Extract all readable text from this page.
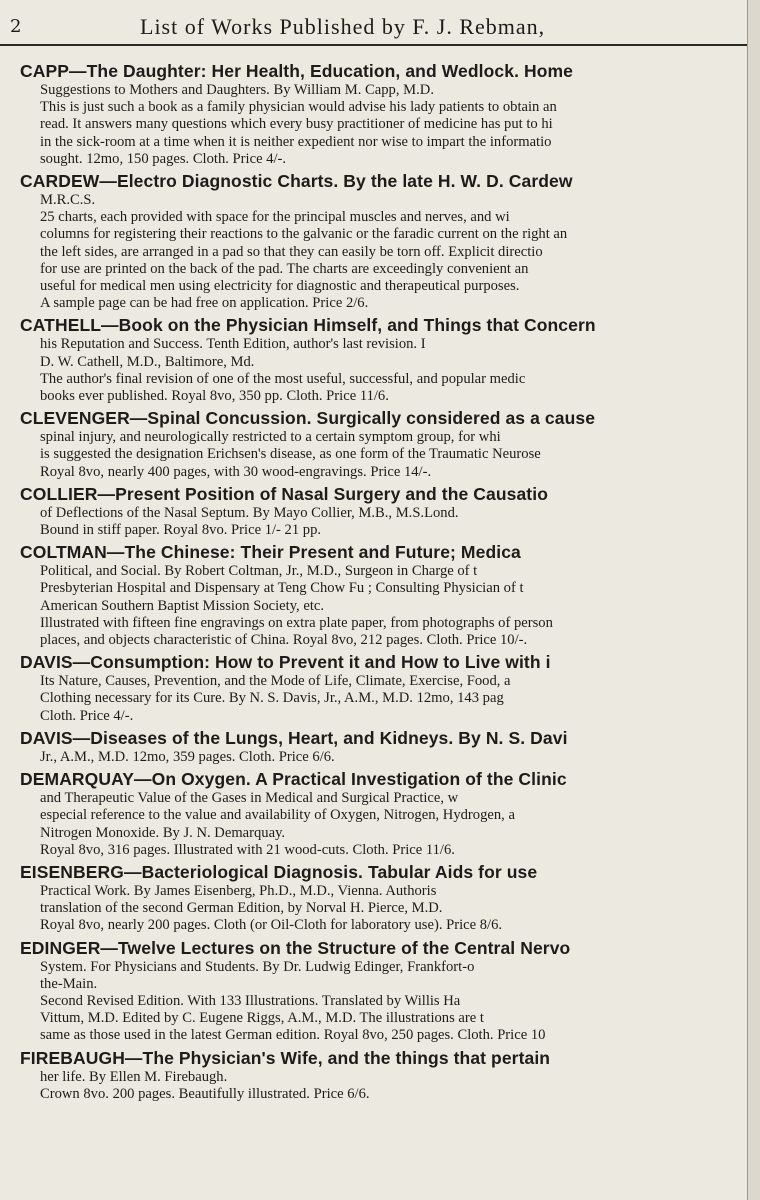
2	List of Works Published by F. J. Rebman,
CAPP—The Daughter: Her Health, Education, and Wedlock. Home
Suggestions to Mothers and Daughters. By William M. Capp, M.D.
This is just such a book as a family physician would advise his lady patients to obtain an
read. It answers many questions which every busy practitioner of medicine has put to hi
in the sick-room at a time when it is neither expedient nor wise to impart the informatio
sought. 12mo, 150 pages. Cloth. Price 4/-.
CARDEW—Electro Diagnostic Charts. By the late H. W. D. Cardew
M.R.C.S.
25 charts, each provided with space for the principal muscles and nerves, and wi
columns for registering their reactions to the galvanic or the faradic current on the right an
the left sides, are arranged in a pad so that they can easily be torn off. Explicit directio
for use are printed on the back of the pad. The charts are exceedingly convenient an
useful for medical men using electricity for diagnostic and therapeutical purposes.
A sample page can be had free on application. Price 2/6.
CATHELL—Book on the Physician Himself, and Things that Concern
his Reputation and Success. Tenth Edition, author's last revision. I
D. W. Cathell, M.D., Baltimore, Md.
The author's final revision of one of the most useful, successful, and popular medic
books ever published. Royal 8vo, 350 pp. Cloth. Price 11/6.
CLEVENGER—Spinal Concussion. Surgically considered as a cause
spinal injury, and neurologically restricted to a certain symptom group, for whi
is suggested the designation Erichsen's disease, as one form of the Traumatic Neurose
Royal 8vo, nearly 400 pages, with 30 wood-engravings. Price 14/-.
COLLIER—Present Position of Nasal Surgery and the Causatio
of Deflections of the Nasal Septum. By Mayo Collier, M.B., M.S.Lond.
Bound in stiff paper. Royal 8vo. Price 1/- 21 pp.
COLTMAN—The Chinese: Their Present and Future; Medica
Political, and Social. By Robert Coltman, Jr., M.D., Surgeon in Charge of t
Presbyterian Hospital and Dispensary at Teng Chow Fu ; Consulting Physician of t
American Southern Baptist Mission Society, etc.
Illustrated with fifteen fine engravings on extra plate paper, from photographs of person
places, and objects characteristic of China. Royal 8vo, 212 pages. Cloth. Price 10/-.
DAVIS—Consumption: How to Prevent it and How to Live with i
Its Nature, Causes, Prevention, and the Mode of Life, Climate, Exercise, Food, a
Clothing necessary for its Cure. By N. S. Davis, Jr., A.M., M.D. 12mo, 143 pag
Cloth. Price 4/-.
DAVIS—Diseases of the Lungs, Heart, and Kidneys. By N. S. Davi
Jr., A.M., M.D. 12mo, 359 pages. Cloth. Price 6/6.
DEMARQUAY—On Oxygen. A Practical Investigation of the Clinic
and Therapeutic Value of the Gases in Medical and Surgical Practice, w
especial reference to the value and availability of Oxygen, Nitrogen, Hydrogen, a
Nitrogen Monoxide. By J. N. Demarquay.
Royal 8vo, 316 pages. Illustrated with 21 wood-cuts. Cloth. Price 11/6.
EISENBERG—Bacteriological Diagnosis. Tabular Aids for use
Practical Work. By James Eisenberg, Ph.D., M.D., Vienna. Authoris
translation of the second German Edition, by Norval H. Pierce, M.D.
Royal 8vo, nearly 200 pages. Cloth (or Oil-Cloth for laboratory use). Price 8/6.
EDINGER—Twelve Lectures on the Structure of the Central Nervo
System. For Physicians and Students. By Dr. Ludwig Edinger, Frankfort-o
the-Main.
Second Revised Edition. With 133 Illustrations. Translated by Willis Ha
Vittum, M.D. Edited by C. Eugene Riggs, A.M., M.D. The illustrations are t
same as those used in the latest German edition. Royal 8vo, 250 pages. Cloth. Price 10
FIREBAUGH—The Physician's Wife, and the things that pertain
her life. By Ellen M. Firebaugh.
Crown 8vo. 200 pages. Beautifully illustrated. Price 6/6.
